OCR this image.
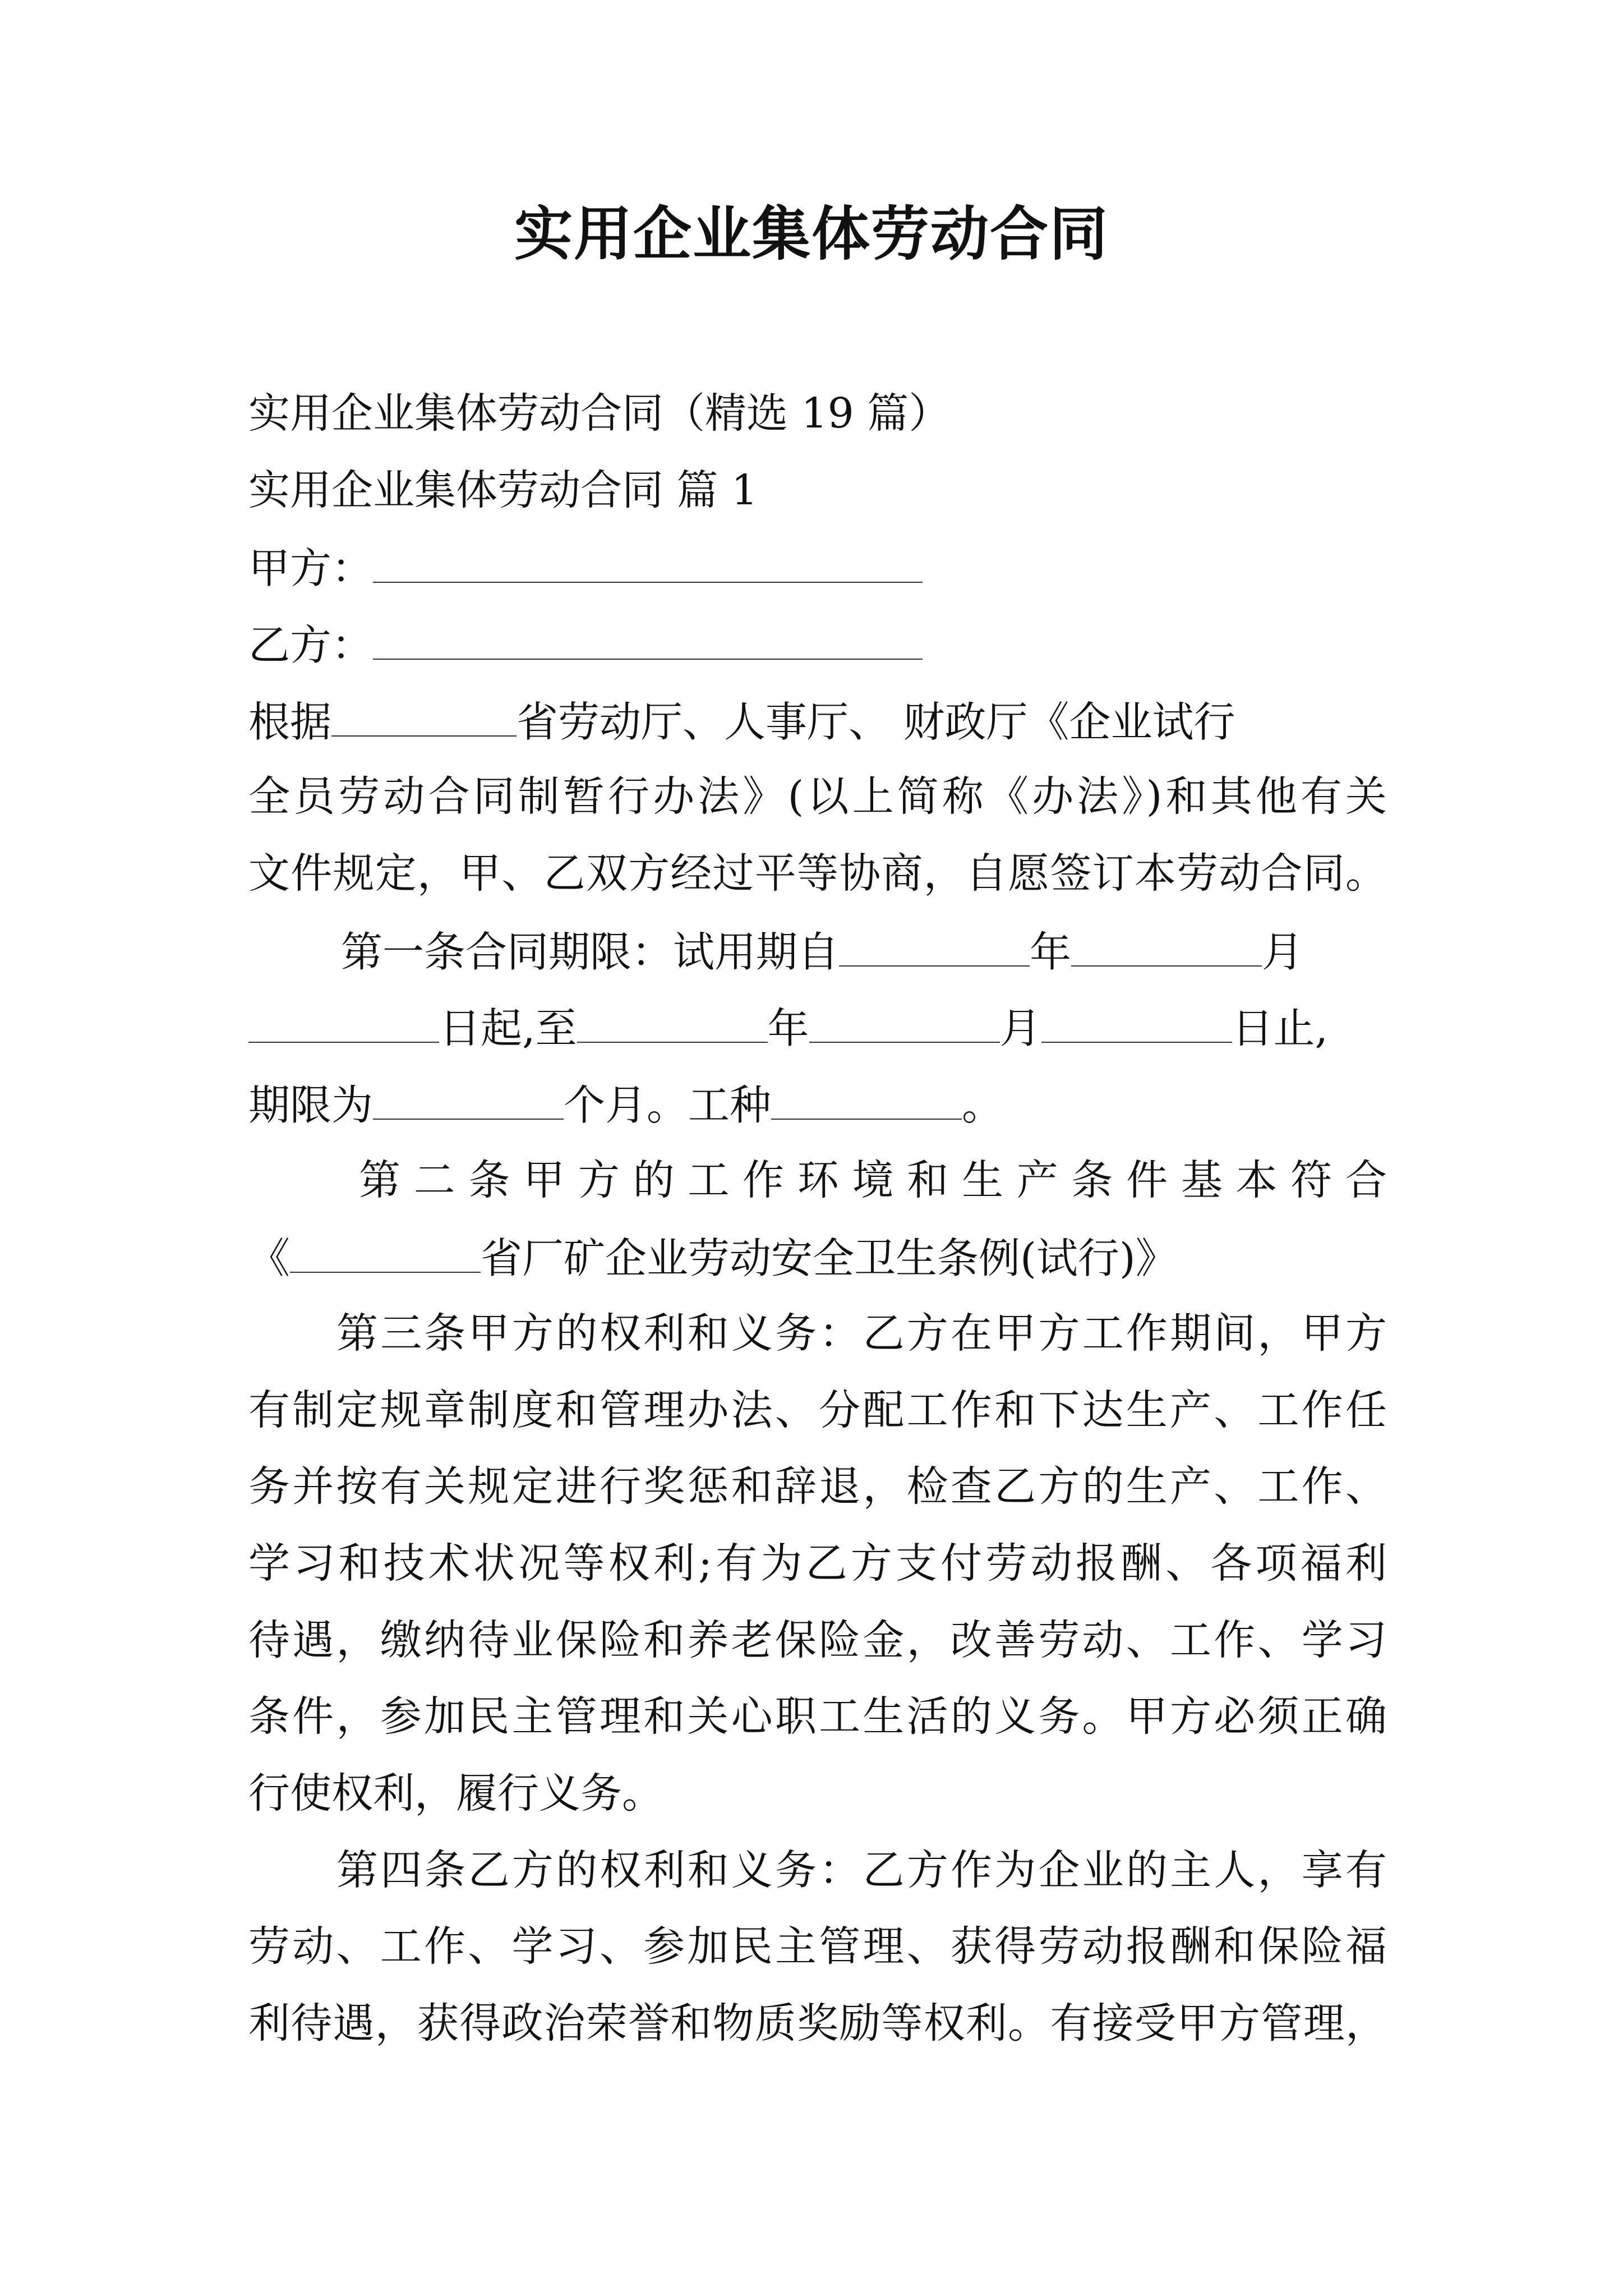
实用企业集体劳动合同
实用企业集体劳动合同（精选 19 篇）
实用企业集体劳动合同 篇 1
甲方：
乙方：
根据	省劳动厅、人事厅、 财政厅《企业试行
全员劳动合同制暂行办法》(以上简称《办法》)和其他有关
文件规定，甲、乙双方经过平等协商，自愿签订本劳动合同。
第一条合同期限：试用期自	年	月
日起,至	年	月	日止,
期限为	个月。工种	。
第二条甲方的工作环境和生产条件基本符合
《	省厂矿企业劳动安全卫生条例(试行)》
第三条甲方的权利和义务：乙方在甲方工作期间，甲方
有制定规章制度和管理办法、分配工作和下达生产、工作任
务并按有关规定进行奖惩和辞退，检查乙方的生产、工作、
学习和技术状况等权利;有为乙方支付劳动报酬、各项福利
待遇，缴纳待业保险和养老保险金，改善劳动、工作、学习
条件，参加民主管理和关心职工生活的义务。甲方必须正确
行使权利，履行义务。
第四条乙方的权利和义务：乙方作为企业的主人，享有
劳动、工作、学习、参加民主管理、获得劳动报酬和保险福
利待遇，获得政治荣誉和物质奖励等权利。有接受甲方管理，
